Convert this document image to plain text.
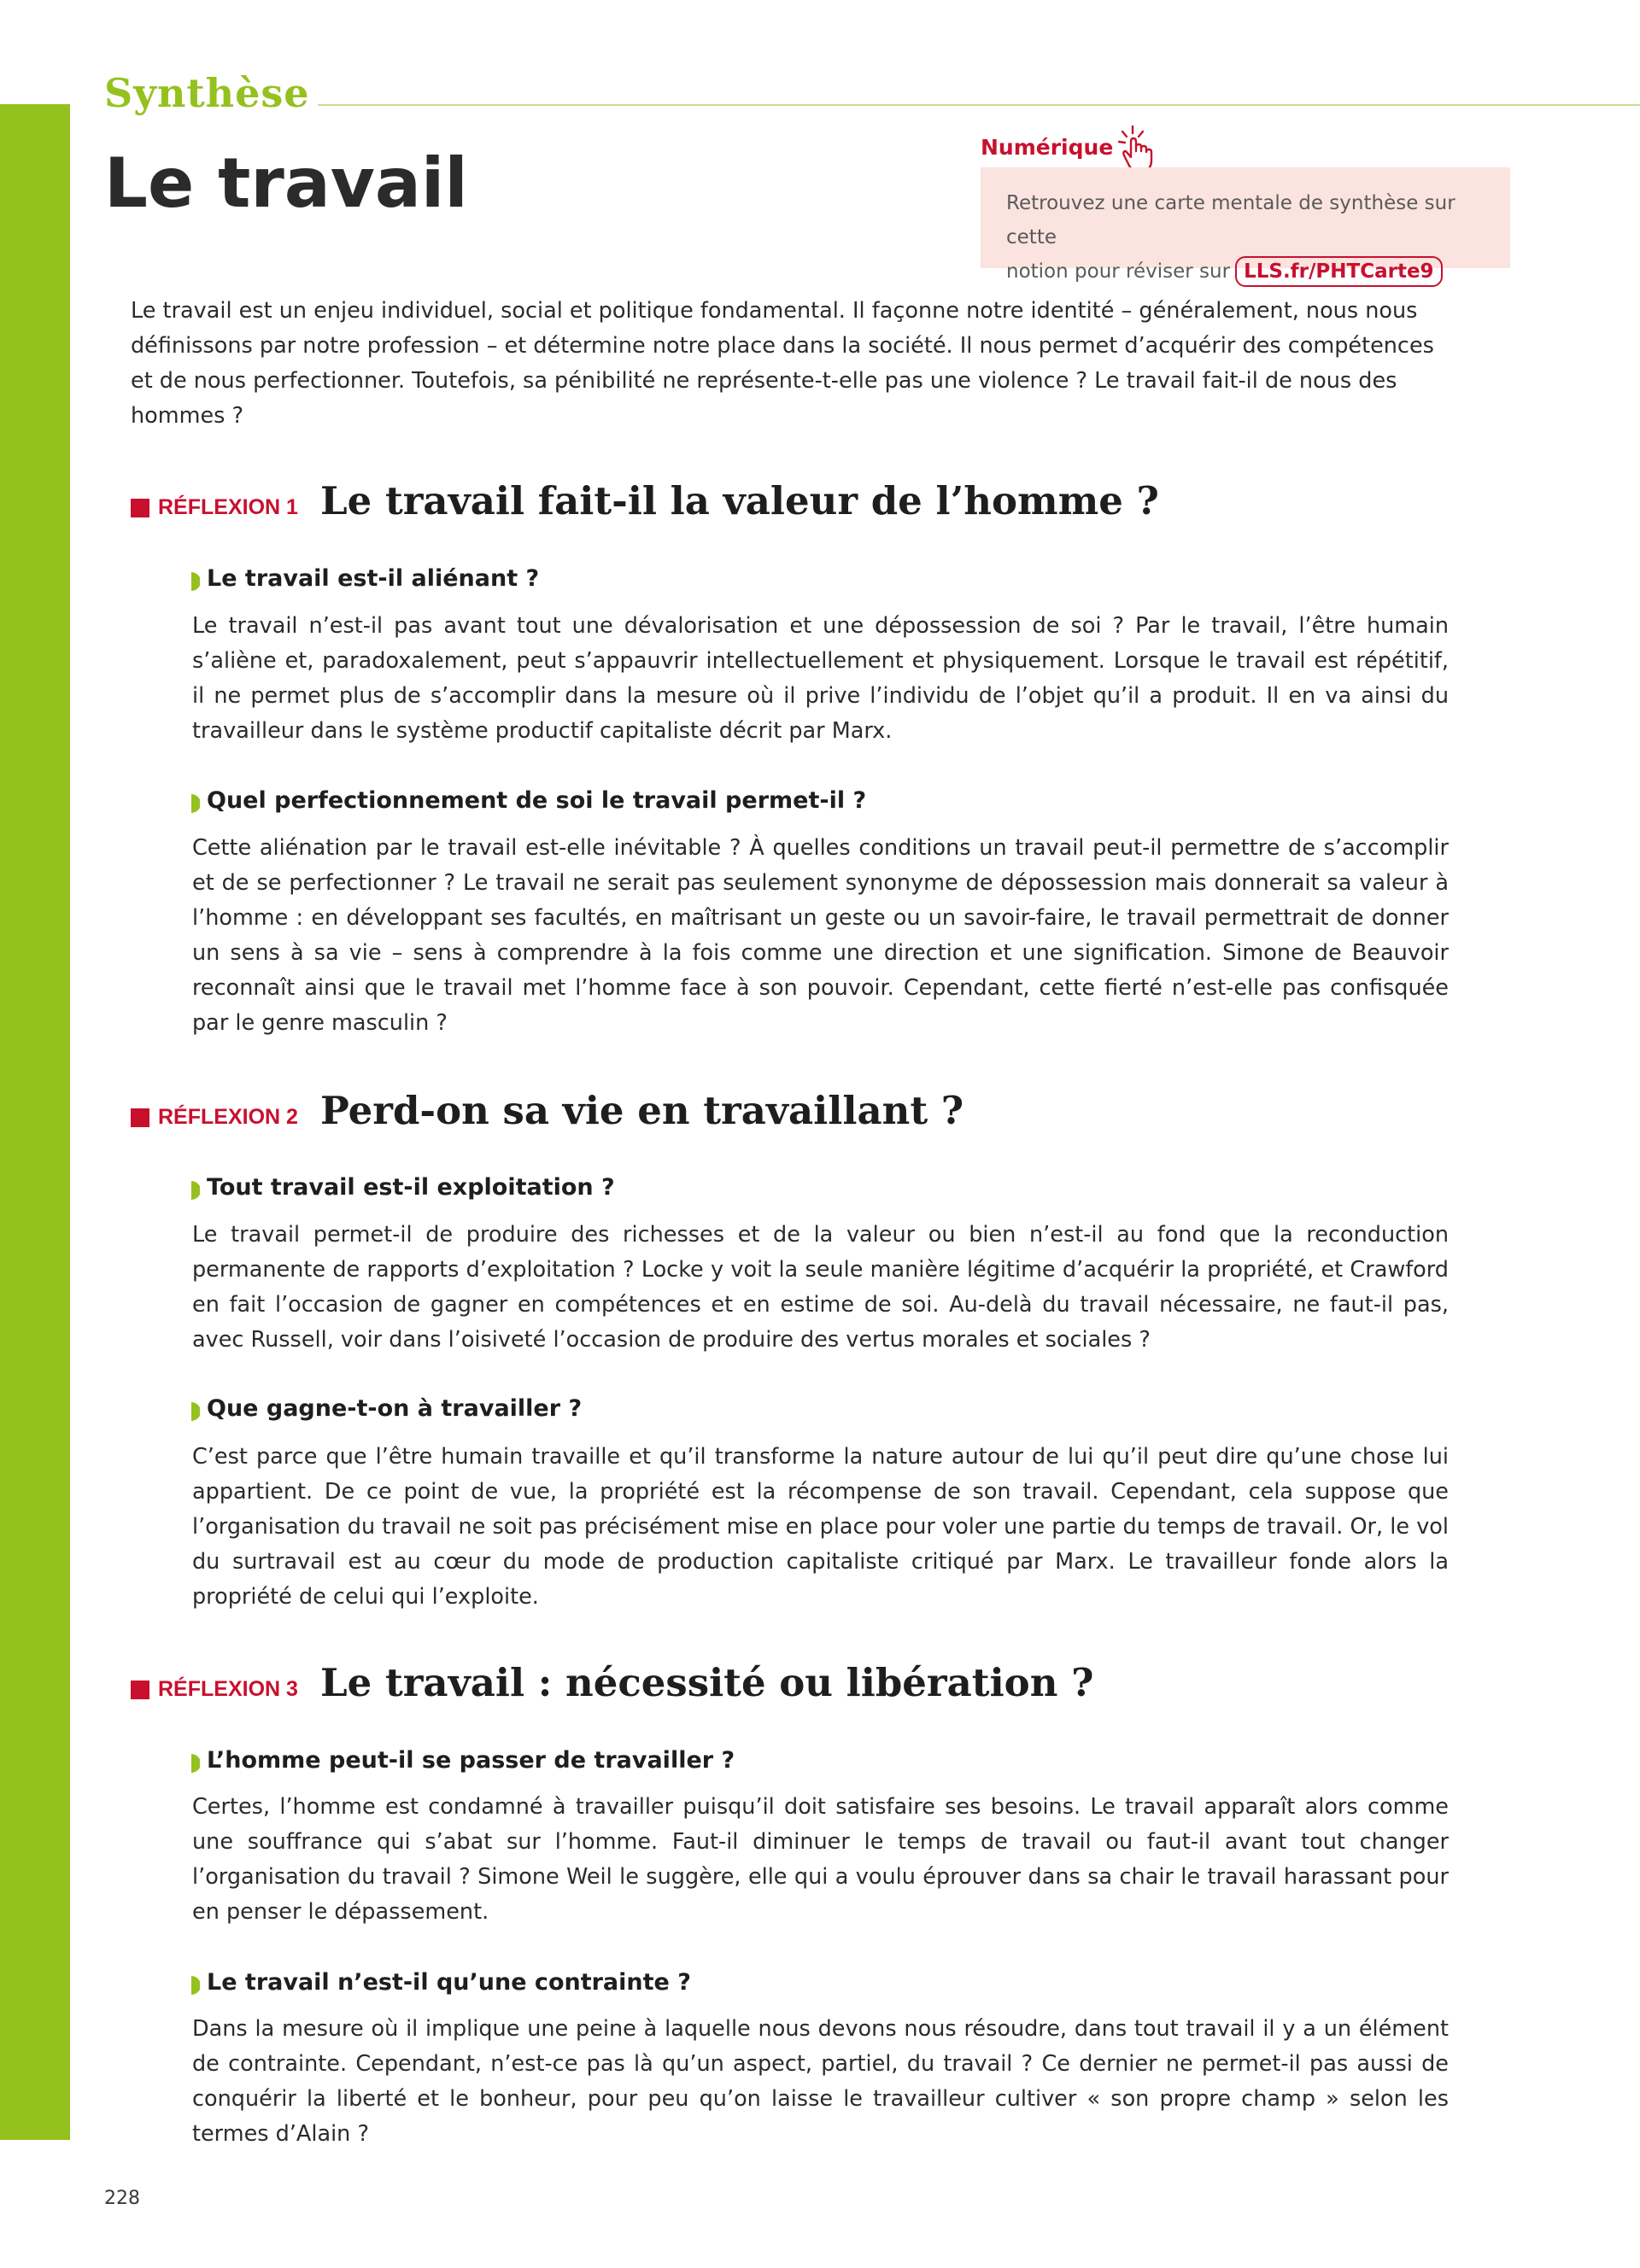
Synthèse
Le travail	Numérique
Retrouvez une carte mentale de synthèse sur cette
notion pour réviser sur LLS.fr/PHTCarte9

Le travail est un enjeu individuel, social et politique fondamental. Il façonne notre identité – généralement, nous nous définissons par notre profession – et détermine notre place dans la société. Il nous permet d’acquérir des compétences et de nous perfectionner. Toutefois, sa pénibilité ne représente-t-elle pas une violence ? Le travail fait-il de nous des hommes ?

RÉFLEXION 1 Le travail fait-il la valeur de l’homme ?
Le travail est-il aliénant ?

Le travail n’est-il pas avant tout une dévalorisation et une dépossession de soi ? Par le travail, l’être humain s’aliène et, paradoxalement, peut s’appauvrir intellectuellement et physiquement. Lorsque le travail est répétitif, il ne permet plus de s’accomplir dans la mesure où il prive l’individu de l’objet qu’il a produit. Il en va ainsi du travailleur dans le système productif capitaliste décrit par Marx.

Quel perfectionnement de soi le travail permet-il ?

Cette aliénation par le travail est-elle inévitable ? À quelles conditions un travail peut-il permettre de s’accomplir et de se perfectionner ? Le travail ne serait pas seulement synonyme de dépossession mais donnerait sa valeur à l’homme : en développant ses facultés, en maîtrisant un geste ou un savoir-faire, le travail permettrait de donner un sens à sa vie – sens à comprendre à la fois comme une direction et une signification. Simone de Beauvoir reconnaît ainsi que le travail met l’homme face à son pouvoir. Cependant, cette fierté n’est-elle pas confisquée par le genre masculin ?

RÉFLEXION 2 Perd-on sa vie en travaillant ?
Tout travail est-il exploitation ?

Le travail permet-il de produire des richesses et de la valeur ou bien n’est-il au fond que la reconduction permanente de rapports d’exploitation ? Locke y voit la seule manière légitime d’acquérir la propriété, et Crawford en fait l’occasion de gagner en compétences et en estime de soi. Au-delà du travail nécessaire, ne faut-il pas, avec Russell, voir dans l’oisiveté l’occasion de produire des vertus morales et sociales ?

Que gagne-t-on à travailler ?

C’est parce que l’être humain travaille et qu’il transforme la nature autour de lui qu’il peut dire qu’une chose lui appartient. De ce point de vue, la propriété est la récompense de son travail. Cependant, cela suppose que l’organisation du travail ne soit pas précisément mise en place pour voler une partie du temps de travail. Or, le vol du surtravail est au cœur du mode de production capitaliste critiqué par Marx. Le travailleur fonde alors la propriété de celui qui l’exploite.

RÉFLEXION 3 Le travail : nécessité ou libération ?
L’homme peut-il se passer de travailler ?

Certes, l’homme est condamné à travailler puisqu’il doit satisfaire ses besoins. Le travail apparaît alors comme une souffrance qui s’abat sur l’homme. Faut-il diminuer le temps de travail ou faut-il avant tout changer l’organisation du travail ? Simone Weil le suggère, elle qui a voulu éprouver dans sa chair le travail harassant pour en penser le dépassement.

Le travail n’est-il qu’une contrainte ?

Dans la mesure où il implique une peine à laquelle nous devons nous résoudre, dans tout travail il y a un élément de contrainte. Cependant, n’est-ce pas là qu’un aspect, partiel, du travail ? Ce dernier ne permet-il pas aussi de conquérir la liberté et le bonheur, pour peu qu’on laisse le travailleur cultiver « son propre champ » selon les termes d’Alain ?

228
